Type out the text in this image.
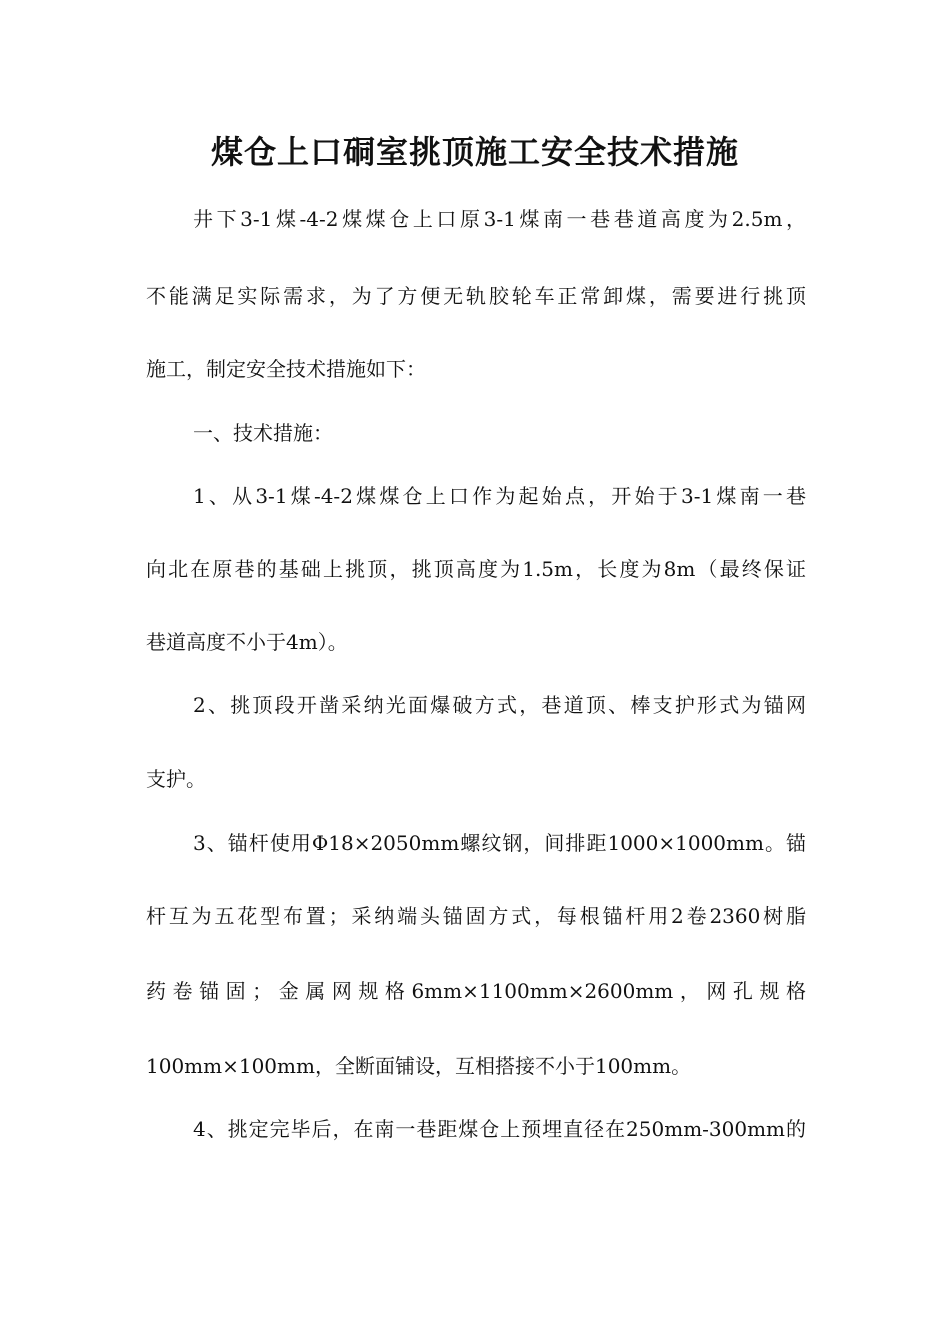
煤仓上口硐室挑顶施工安全技术措施
井下3-1煤-4-2煤煤仓上口原3-1煤南一巷巷道高度为2.5m，
不能满足实际需求，为了方便无轨胶轮车正常卸煤，需要进行挑顶
施工，制定安全技术措施如下：
一、技术措施：
1、从3-1煤-4-2煤煤仓上口作为起始点，开始于3-1煤南一巷
向北在原巷的基础上挑顶，挑顶高度为1.5m，长度为8m（最终保证
巷道高度不小于4m）。
2、挑顶段开凿采纳光面爆破方式，巷道顶、棒支护形式为锚网
支护。
3、锚杆使用Φ18×2050mm螺纹钢，间排距1000×1000mm。锚
杆互为五花型布置；采纳端头锚固方式，每根锚杆用2卷2360树脂
药卷锚固；金属网规格6mm×1100mm×2600mm，网孔规格
100mm×100mm，全断面铺设，互相搭接不小于100mm。
4、挑定完毕后，在南一巷距煤仓上预埋直径在250mm-300mm的
